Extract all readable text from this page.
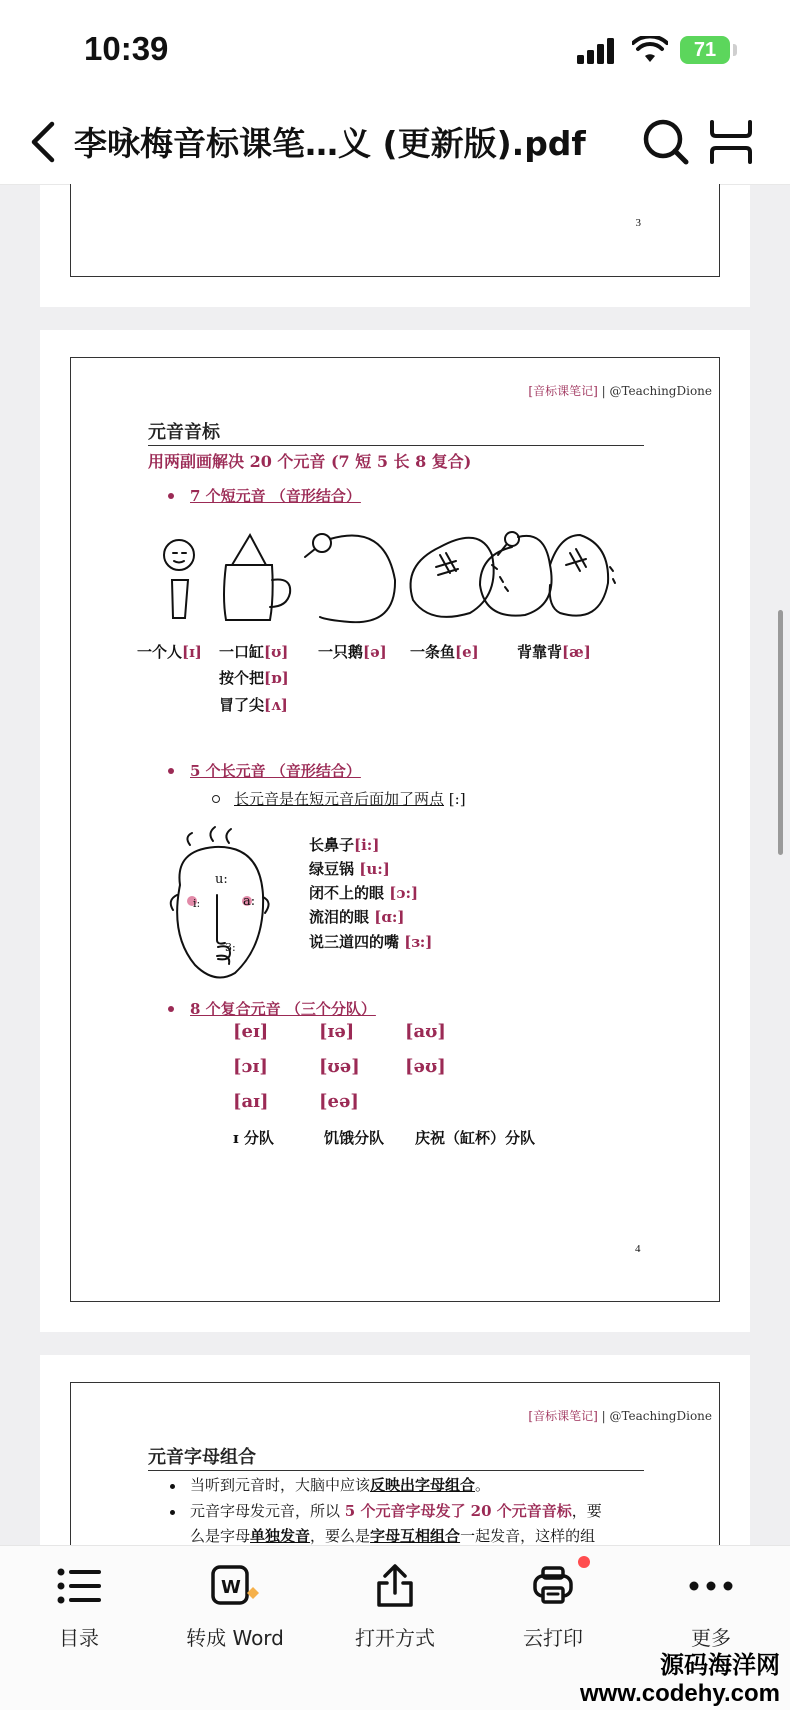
10:39	71
李咏梅音标课笔…义 (更新版).pdf
3
[音标课笔记] | @TeachingDione
元音音标
用两副画解决 20 个元音 (7 短 5 长 8 复合)
7 个短元音 （音形结合）
一个人[ɪ] 一口缸[ʊ] 一只鹅[ə] 一条鱼[e]	背靠背[æ]
按个把[ɒ]
冒了尖[ʌ]
5 个长元音 （音形结合）
长元音是在短元音后面加了两点 [:]
u:
a:
i:
3:
长鼻子[i:]
绿豆锅 [u:]
闭不上的眼 [ɔ:]
流泪的眼 [ɑ:]
说三道四的嘴 [ɜ:]
8 个复合元音 （三个分队）
[eɪ]	[ɪə]	[aʊ]
[ɔɪ]	[ʊə]	[əʊ]
[aɪ]	[eə]
ɪ 分队	饥饿分队 庆祝（缸杯）分队
4
[音标课笔记] | @TeachingDione
元音字母组合
当听到元音时，大脑中应该反映出字母组合。
元音字母发元音，所以 5 个元音字母发了 20 个元音音标，要
么是字母单独发音，要么是字母互相组合一起发音，这样的组
目录
W
转成 Word	打开方式	云打印	更多
源码海洋网
www.codehy.com
